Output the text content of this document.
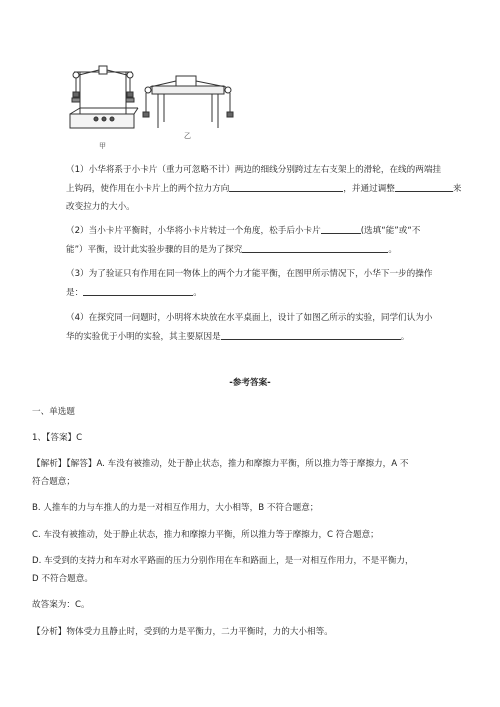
甲
乙

（1）小华将系于小卡片（重力可忽略不计）两边的细线分别跨过左右支架上的滑轮，在线的两端挂

上钩码，使作用在小卡片上的两个拉力方向	，并通过调整	来

改变拉力的大小。

（2）当小卡片平衡时，小华将小卡片转过一个角度，松手后小卡片	(选填“能”或“不

能”）平衡，设计此实验步骤的目的是为了探究	。

（3）为了验证只有作用在同一物体上的两个力才能平衡，在图甲所示情况下，小华下一步的操作

是：	。

（4）在探究同一问题时，小明将木块放在水平桌面上，设计了如图乙所示的实验，同学们认为小

华的实验优于小明的实验，其主要原因是	。

-参考答案-

一、单选题

1、【答案】C

【解析】【解答】A. 车没有被推动，处于静止状态，推力和摩擦力平衡，所以推力等于摩擦力，A 不

符合题意；

B. 人推车的力与车推人的力是一对相互作用力，大小相等，B 不符合题意；

C. 车没有被推动，处于静止状态，推力和摩擦力平衡，所以推力等于摩擦力，C 符合题意；

D. 车受到的支持力和车对水平路面的压力分别作用在车和路面上，是一对相互作用力，不是平衡力，

D 不符合题意。

故答案为：C。

【分析】物体受力且静止时，受到的力是平衡力，二力平衡时，力的大小相等。
